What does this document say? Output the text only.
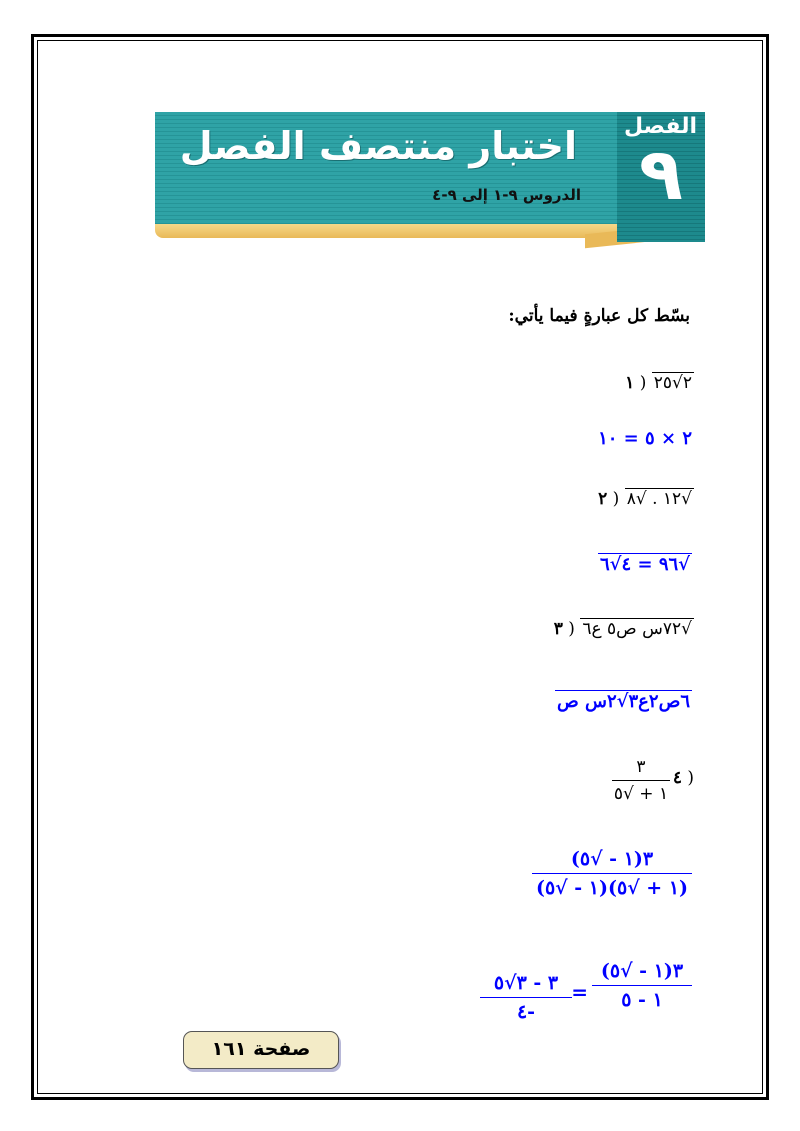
الفصل
٩
اختبار منتصف الفصل
الدروس ٩-١ إلى ٩-٤
بسّط كل عبارةٍ فيما يأتي:
١ ) ٢√٢٥
٢ × ٥ = ١٠
٢ ) √١٢ . √٨
√٩٦ = ٤√٦
٣ ) √٧٢س ص٥ ع٦
٦ص٢ع٣√٢س ص
٤ )
٣
١ + √٥
٣(١ - √٥)
(١ + √٥)(١ - √٥)
٣(١ - √٥)
١ - ٥
=
٣ - ٣√٥
-٤
صفحة ١٦١
